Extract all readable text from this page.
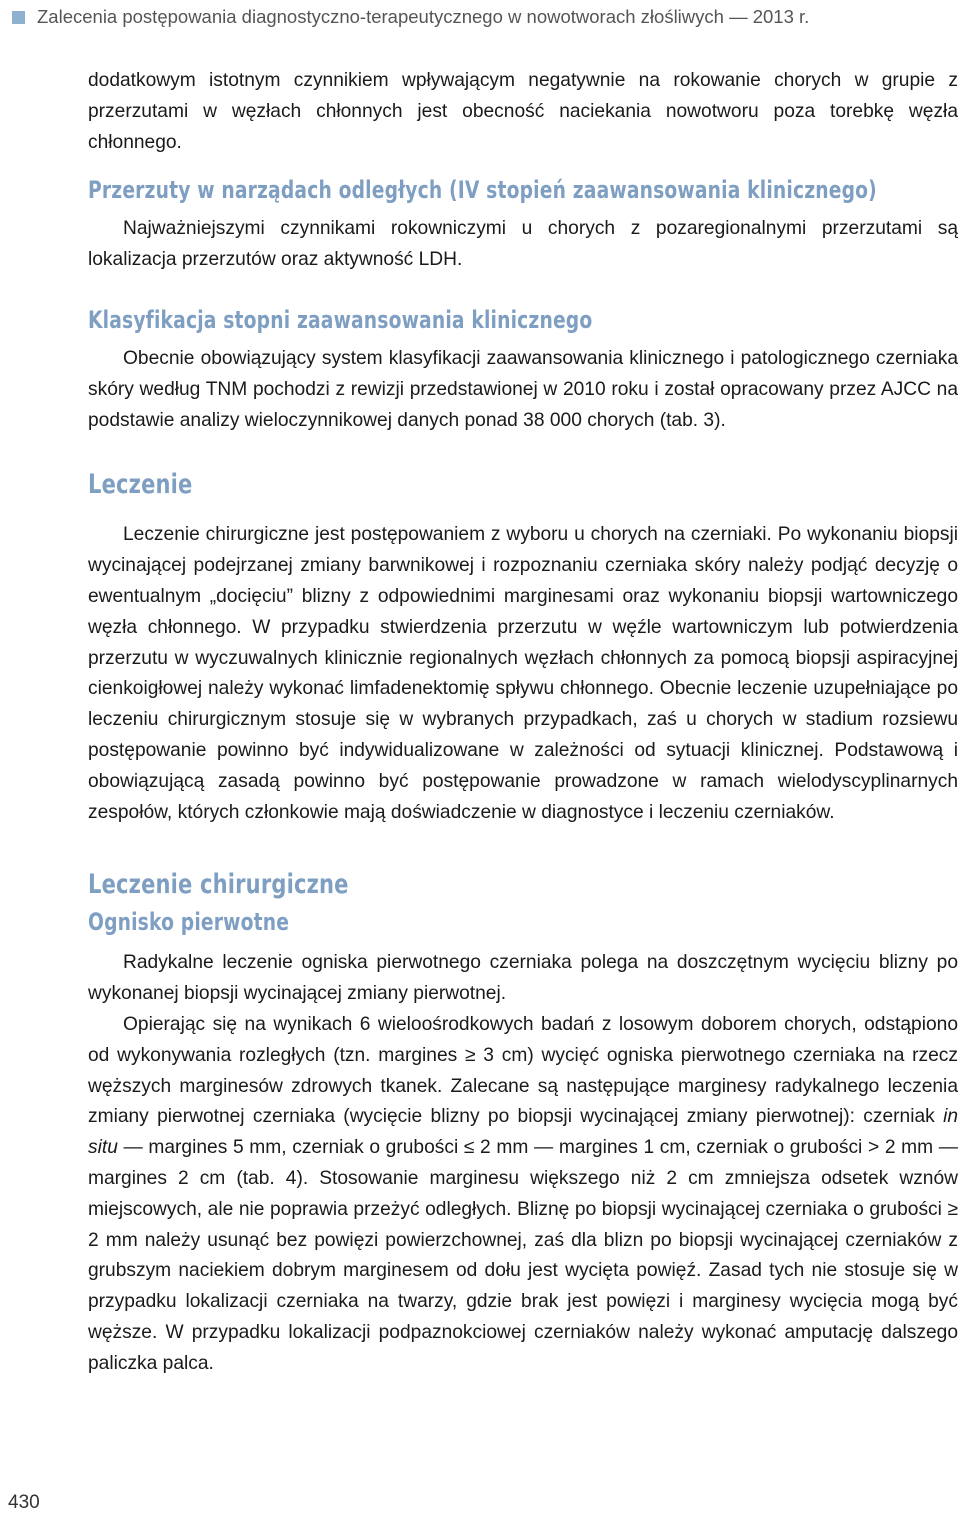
Zalecenia postępowania diagnostyczno-terapeutycznego w nowotworach złośliwych — 2013 r.

dodatkowym istotnym czynnikiem wpływającym negatywnie na rokowanie chorych w grupie z przerzutami w węzłach chłonnych jest obecność naciekania nowotworu poza torebkę węzła chłonnego.

Przerzuty w narządach odległych (IV stopień zaawansowania klinicznego)

Najważniejszymi czynnikami rokowniczymi u chorych z pozaregionalnymi przerzutami są lokalizacja przerzutów oraz aktywność LDH.

Klasyfikacja stopni zaawansowania klinicznego

Obecnie obowiązujący system klasyfikacji zaawansowania klinicznego i patologicznego czerniaka skóry według TNM pochodzi z rewizji przedstawionej w 2010 roku i został opracowany przez AJCC na podstawie analizy wieloczynnikowej danych ponad 38 000 chorych (tab. 3).

Leczenie

Leczenie chirurgiczne jest postępowaniem z wyboru u chorych na czerniaki. Po wykonaniu biopsji wycinającej podejrzanej zmiany barwnikowej i rozpoznaniu czerniaka skóry należy podjąć decyzję o ewentualnym „docięciu” blizny z odpowiednimi marginesami oraz wykonaniu biopsji wartowniczego węzła chłonnego. W przypadku stwierdzenia przerzutu w węźle wartowniczym lub potwierdzenia przerzutu w wyczuwalnych klinicznie regionalnych węzłach chłonnych za pomocą biopsji aspiracyjnej cienkoigłowej należy wykonać limfadenektomię spływu chłonnego. Obecnie leczenie uzupełniające po leczeniu chirurgicznym stosuje się w wybranych przypadkach, zaś u chorych w stadium rozsiewu postępowanie powinno być indywidualizowane w zależności od sytuacji klinicznej. Podstawową i obowiązującą zasadą powinno być postępowanie prowadzone w ramach wielodyscyplinarnych zespołów, których członkowie mają doświadczenie w diagnostyce i leczeniu czerniaków.

Leczenie chirurgiczne
Ognisko pierwotne

Radykalne leczenie ogniska pierwotnego czerniaka polega na doszczętnym wycięciu blizny po wykonanej biopsji wycinającej zmiany pierwotnej.

Opierając się na wynikach 6 wieloośrodkowych badań z losowym doborem chorych, odstąpiono od wykonywania rozległych (tzn. margines ≥ 3 cm) wycięć ogniska pierwotnego czerniaka na rzecz węższych marginesów zdrowych tkanek. Zalecane są następujące marginesy radykalnego leczenia zmiany pierwotnej czerniaka (wycięcie blizny po biopsji wycinającej zmiany pierwotnej): czerniak in situ — margines 5 mm, czerniak o grubości ≤ 2 mm — margines 1 cm, czerniak o grubości > 2 mm — margines 2 cm (tab. 4). Stosowanie marginesu większego niż 2 cm zmniejsza odsetek wznów miejscowych, ale nie poprawia przeżyć odległych. Bliznę po biopsji wycinającej czerniaka o grubości ≥ 2 mm należy usunąć bez powięzi powierzchownej, zaś dla blizn po biopsji wycinającej czerniaków z grubszym naciekiem dobrym marginesem od dołu jest wycięta powięź. Zasad tych nie stosuje się w przypadku lokalizacji czerniaka na twarzy, gdzie brak jest powięzi i marginesy wycięcia mogą być węższe. W przypadku lokalizacji podpaznokciowej czerniaków należy wykonać amputację dalszego paliczka palca.

430
